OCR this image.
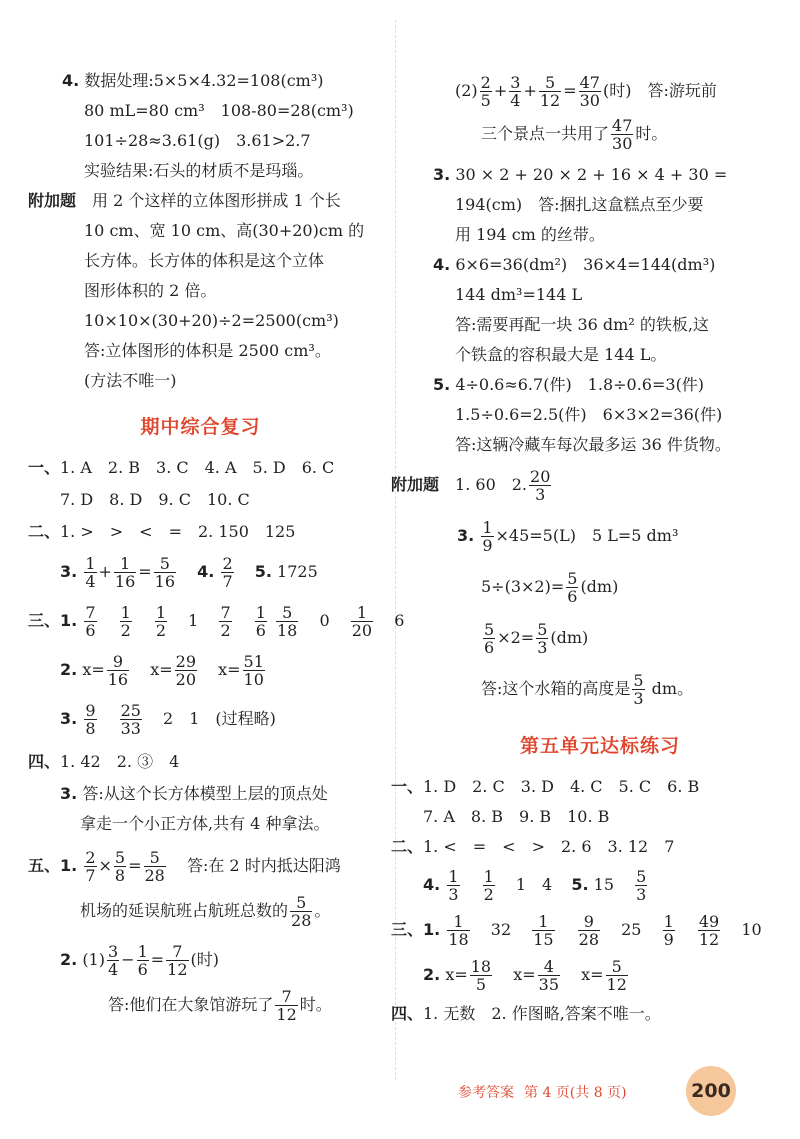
4. 数据处理:5×5×4.32=108(cm³)
80 mL=80 cm³　108-80=28(cm³)
101÷28≈3.61(g)　3.61>2.7
实验结果:石头的材质不是玛瑙。
附加题　 用 2 个这样的立体图形拼成 1 个长
10 cm、宽 10 cm、高(30+20)cm 的
长方体。长方体的体积是这个立体
图形体积的 2 倍。
10×10×(30+20)÷2=2500(cm³)
答:立体图形的体积是 2500 cm³。
(方法不唯一)
期中综合复习
一、1. A　2. B　3. C　4. A　5. D　6. C
7. D　8. D　9. C　10. C
二、1. >　>　<　=　2. 150　125
3. $\frac{1}{4} + \frac{1}{16} = \frac{5}{16} 4$. $\frac{2}{7} 5$. 1725
三、1. $\frac{7}{6}$
$\frac{1}{2}$
$\frac{1}{2} 1 \frac{7}{2}$
$\frac{1}{6}$
$\frac{5}{18} 0 \frac{1}{20} 6$
2. $x= \frac{9}{16} x= \frac{29}{20} x= \frac{51}{10}$
3. $\frac{9}{8}$
$\frac{25}{33} 2$　1　(过程略)
四、1. 42　2. ③　4
3. 答:从这个长方体模型上层的顶点处
拿走一个小正方体,共有 4 种拿法。
五、1. $\frac{2}{7} \times \frac{5}{8} = \frac{5}{28}$ 答:在 2 时内抵达阳鸿
机场的延误航班占航班总数的 $\frac{5}{28}$ 。
2. $(1) \frac{3}{4} - \frac{1}{6} = \frac{7}{12}$ (时)
答:他们在大象馆游玩了 $\frac{7}{12}$ 时。
$(2) \frac{2}{5} + \frac{3}{4} + \frac{5}{12} = \frac{47}{30}$ (时)　答:游玩前
三个景点一共用了 $\frac{47}{30}$ 时。
3. 30 × 2 + 20 × 2 + 16 × 4 + 30 =
194(cm)　答:捆扎这盒糕点至少要
用 194 cm 的丝带。
4. 6×6=36(dm²)　36×4=144(dm³)
144 dm³=144 L
答:需要再配一块 36 dm² 的铁板,这
个铁盒的容积最大是 144 L。
5. 4÷0.6≈6.7(件)　1.8÷0.6=3(件)
1.5÷0.6=2.5(件)　6×3×2=36(件)
答:这辆冷藏车每次最多运 36 件货物。
附加题　 1. 60　2. $\frac{20}{3}$
3. $\frac{1}{9} \times 45=5(L)$　5 L=5 dm³
$5\div(3\times 2)= \frac{5}{6} (dm)$
$\frac{5}{6} \times 2= \frac{5}{3} (dm)$
答:这个水箱的高度是 $\frac{5}{3}$ dm。
第五单元达标练习
一、1. D　2. C　3. D　4. C　5. C　6. B
7. A　8. B　9. B　10. B
二、1. <　=　<　>　2. 6　3. 12　7
4. $\frac{1}{3}$
$\frac{1}{2} 1$　4 5. $15 \frac{5}{3}$
三、1. $\frac{1}{18} 32 \frac{1}{15}$
$\frac{9}{28} 25 \frac{1}{9}$
$\frac{49}{12} 10$
2. $x= \frac{18}{5} x= \frac{4}{35} x= \frac{5}{12}$
四、1. 无数　2. 作图略,答案不唯一。
参考答案 第 4 页(共 8 页)	200
